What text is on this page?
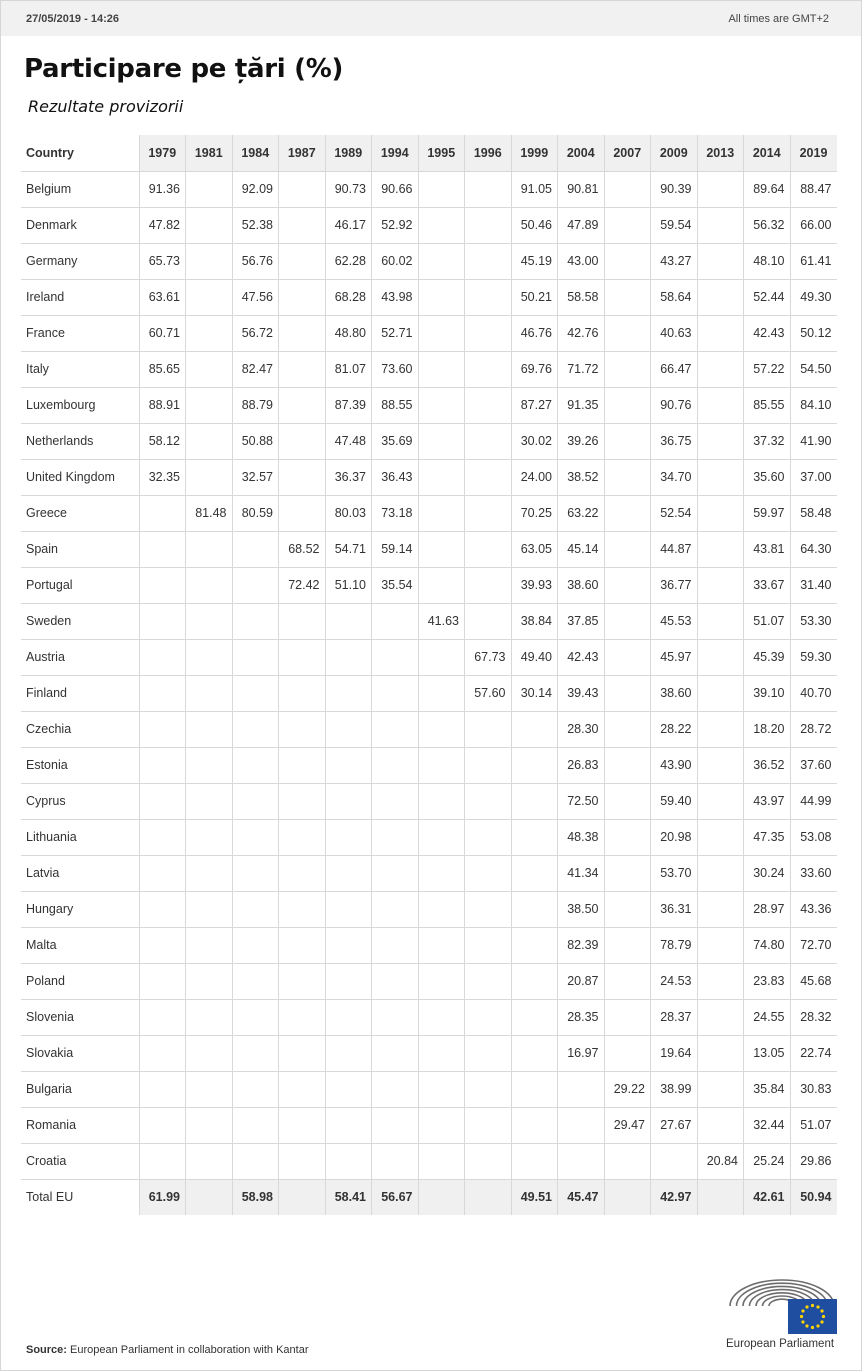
27/05/2019 - 14:26	All times are GMT+2
Participare pe țări (%)
Rezultate provizorii
Country	1979	1981	1984	1987	1989	1994	1995	1996	1999	2004	2007	2009	2013	2014	2019
Belgium	91.36		92.09		90.73	90.66			91.05	90.81		90.39		89.64	88.47
Denmark	47.82		52.38		46.17	52.92			50.46	47.89		59.54		56.32	66.00
Germany	65.73		56.76		62.28	60.02			45.19	43.00		43.27		48.10	61.41
Ireland	63.61		47.56		68.28	43.98			50.21	58.58		58.64		52.44	49.30
France	60.71		56.72		48.80	52.71			46.76	42.76		40.63		42.43	50.12
Italy	85.65		82.47		81.07	73.60			69.76	71.72		66.47		57.22	54.50
Luxembourg	88.91		88.79		87.39	88.55			87.27	91.35		90.76		85.55	84.10
Netherlands	58.12		50.88		47.48	35.69			30.02	39.26		36.75		37.32	41.90
United Kingdom	32.35		32.57		36.37	36.43			24.00	38.52		34.70		35.60	37.00
Greece		81.48	80.59		80.03	73.18			70.25	63.22		52.54		59.97	58.48
Spain				68.52	54.71	59.14			63.05	45.14		44.87		43.81	64.30
Portugal				72.42	51.10	35.54			39.93	38.60		36.77		33.67	31.40
Sweden							41.63		38.84	37.85		45.53		51.07	53.30
Austria								67.73	49.40	42.43		45.97		45.39	59.30
Finland								57.60	30.14	39.43		38.60		39.10	40.70
Czechia										28.30		28.22		18.20	28.72
Estonia										26.83		43.90		36.52	37.60
Cyprus										72.50		59.40		43.97	44.99
Lithuania										48.38		20.98		47.35	53.08
Latvia										41.34		53.70		30.24	33.60
Hungary										38.50		36.31		28.97	43.36
Malta										82.39		78.79		74.80	72.70
Poland										20.87		24.53		23.83	45.68
Slovenia										28.35		28.37		24.55	28.32
Slovakia										16.97		19.64		13.05	22.74
Bulgaria											29.22	38.99		35.84	30.83
Romania											29.47	27.67		32.44	51.07
Croatia													20.84	25.24	29.86
Total EU	61.99		58.98		58.41	56.67			49.51	45.47		42.97		42.61	50.94
Source: European Parliament in collaboration with Kantar	European Parliament
